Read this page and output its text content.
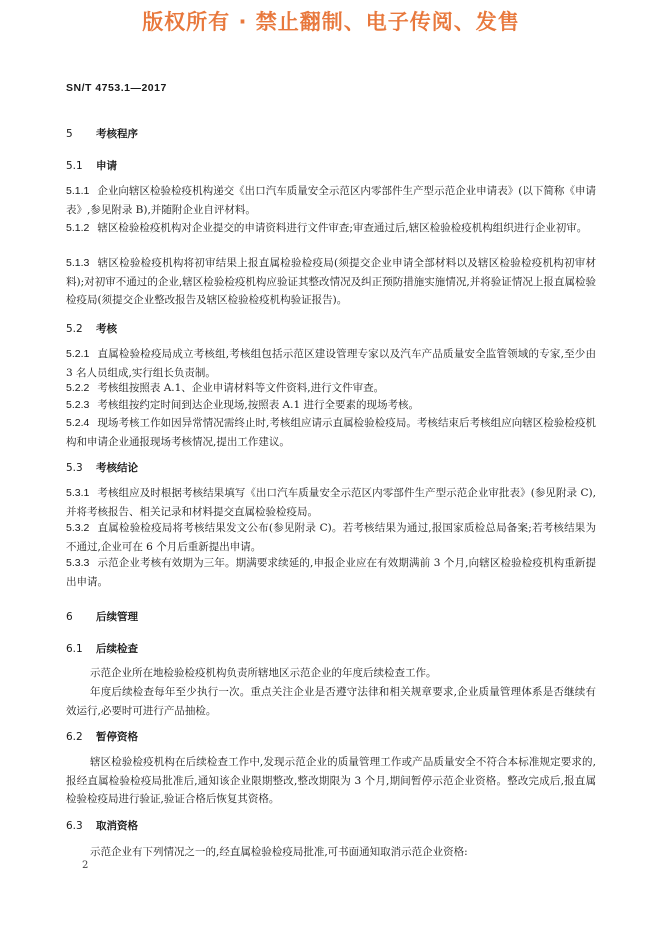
版权所有 · 禁止翻制、电子传阅、发售
SN/T 4753.1—2017
5 考核程序
5.1 申请
5.1.1 企业向辖区检验检疫机构递交《出口汽车质量安全示范区内零部件生产型示范企业申请表》(以下简称《申请表》,参见附录 B),并随附企业自评材料。
5.1.2 辖区检验检疫机构对企业提交的申请资料进行文件审查;审查通过后,辖区检验检疫机构组织进行企业初审。
5.1.3 辖区检验检疫机构将初审结果上报直属检验检疫局(须提交企业申请全部材料以及辖区检验检疫机构初审材料);对初审不通过的企业,辖区检验检疫机构应验证其整改情况及纠正预防措施实施情况,并将验证情况上报直属检验检疫局(须提交企业整改报告及辖区检验检疫机构验证报告)。
5.2 考核
5.2.1 直属检验检疫局成立考核组,考核组包括示范区建设管理专家以及汽车产品质量安全监管领域的专家,至少由 3 名人员组成,实行组长负责制。
5.2.2 考核组按照表 A.1、企业申请材料等文件资料,进行文件审查。
5.2.3 考核组按约定时间到达企业现场,按照表 A.1 进行全要素的现场考核。
5.2.4 现场考核工作如因异常情况需终止时,考核组应请示直属检验检疫局。考核结束后考核组应向辖区检验检疫机构和申请企业通报现场考核情况,提出工作建议。
5.3 考核结论
5.3.1 考核组应及时根据考核结果填写《出口汽车质量安全示范区内零部件生产型示范企业审批表》(参见附录 C),并将考核报告、相关记录和材料提交直属检验检疫局。
5.3.2 直属检验检疫局将考核结果发文公布(参见附录 C)。若考核结果为通过,报国家质检总局备案;若考核结果为不通过,企业可在 6 个月后重新提出申请。
5.3.3 示范企业考核有效期为三年。期满要求续延的,申报企业应在有效期满前 3 个月,向辖区检验检疫机构重新提出申请。
6 后续管理
6.1 后续检查
示范企业所在地检验检疫机构负责所辖地区示范企业的年度后续检查工作。
年度后续检查每年至少执行一次。重点关注企业是否遵守法律和相关规章要求,企业质量管理体系是否继续有效运行,必要时可进行产品抽检。
6.2 暂停资格
辖区检验检疫机构在后续检查工作中,发现示范企业的质量管理工作或产品质量安全不符合本标准规定要求的,报经直属检验检疫局批准后,通知该企业限期整改,整改期限为 3 个月,期间暂停示范企业资格。整改完成后,报直属检验检疫局进行验证,验证合格后恢复其资格。
6.3 取消资格
示范企业有下列情况之一的,经直属检验检疫局批准,可书面通知取消示范企业资格:
2
